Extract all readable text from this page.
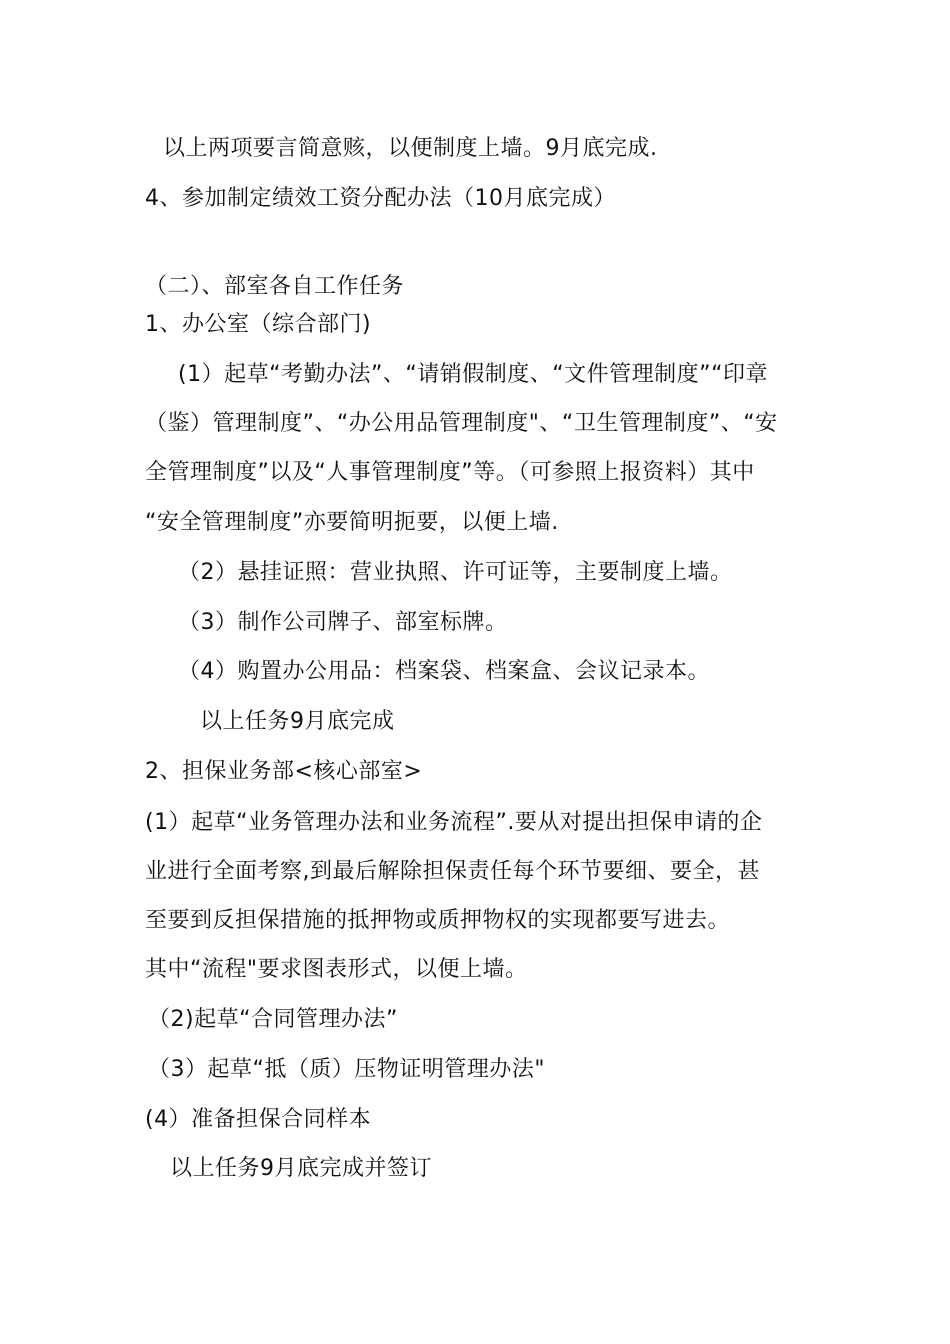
以上两项要言简意赅，以便制度上墙。9月底完成.
4、参加制定绩效工资分配办法（10月底完成）
（二）、部室各自工作任务
1、办公室（综合部门)
(1）起草“考勤办法”、“请销假制度、“文件管理制度”“印章
（鉴）管理制度”、“办公用品管理制度"、“卫生管理制度”、“安
全管理制度”以及“人事管理制度”等。（可参照上报资料）其中
“安全管理制度”亦要简明扼要，以便上墙.
（2）悬挂证照：营业执照、许可证等，主要制度上墙。
（3）制作公司牌子、部室标牌。
（4）购置办公用品：档案袋、档案盒、会议记录本。
以上任务9月底完成
2、担保业务部<核心部室>
(1）起草“业务管理办法和业务流程”.要从对提出担保申请的企
业进行全面考察,到最后解除担保责任每个环节要细、要全，甚
至要到反担保措施的抵押物或质押物权的实现都要写进去。
其中“流程"要求图表形式，以便上墙。
（2)起草“合同管理办法”
（3）起草“抵（质）压物证明管理办法"
(4）准备担保合同样本
以上任务9月底完成并签订
